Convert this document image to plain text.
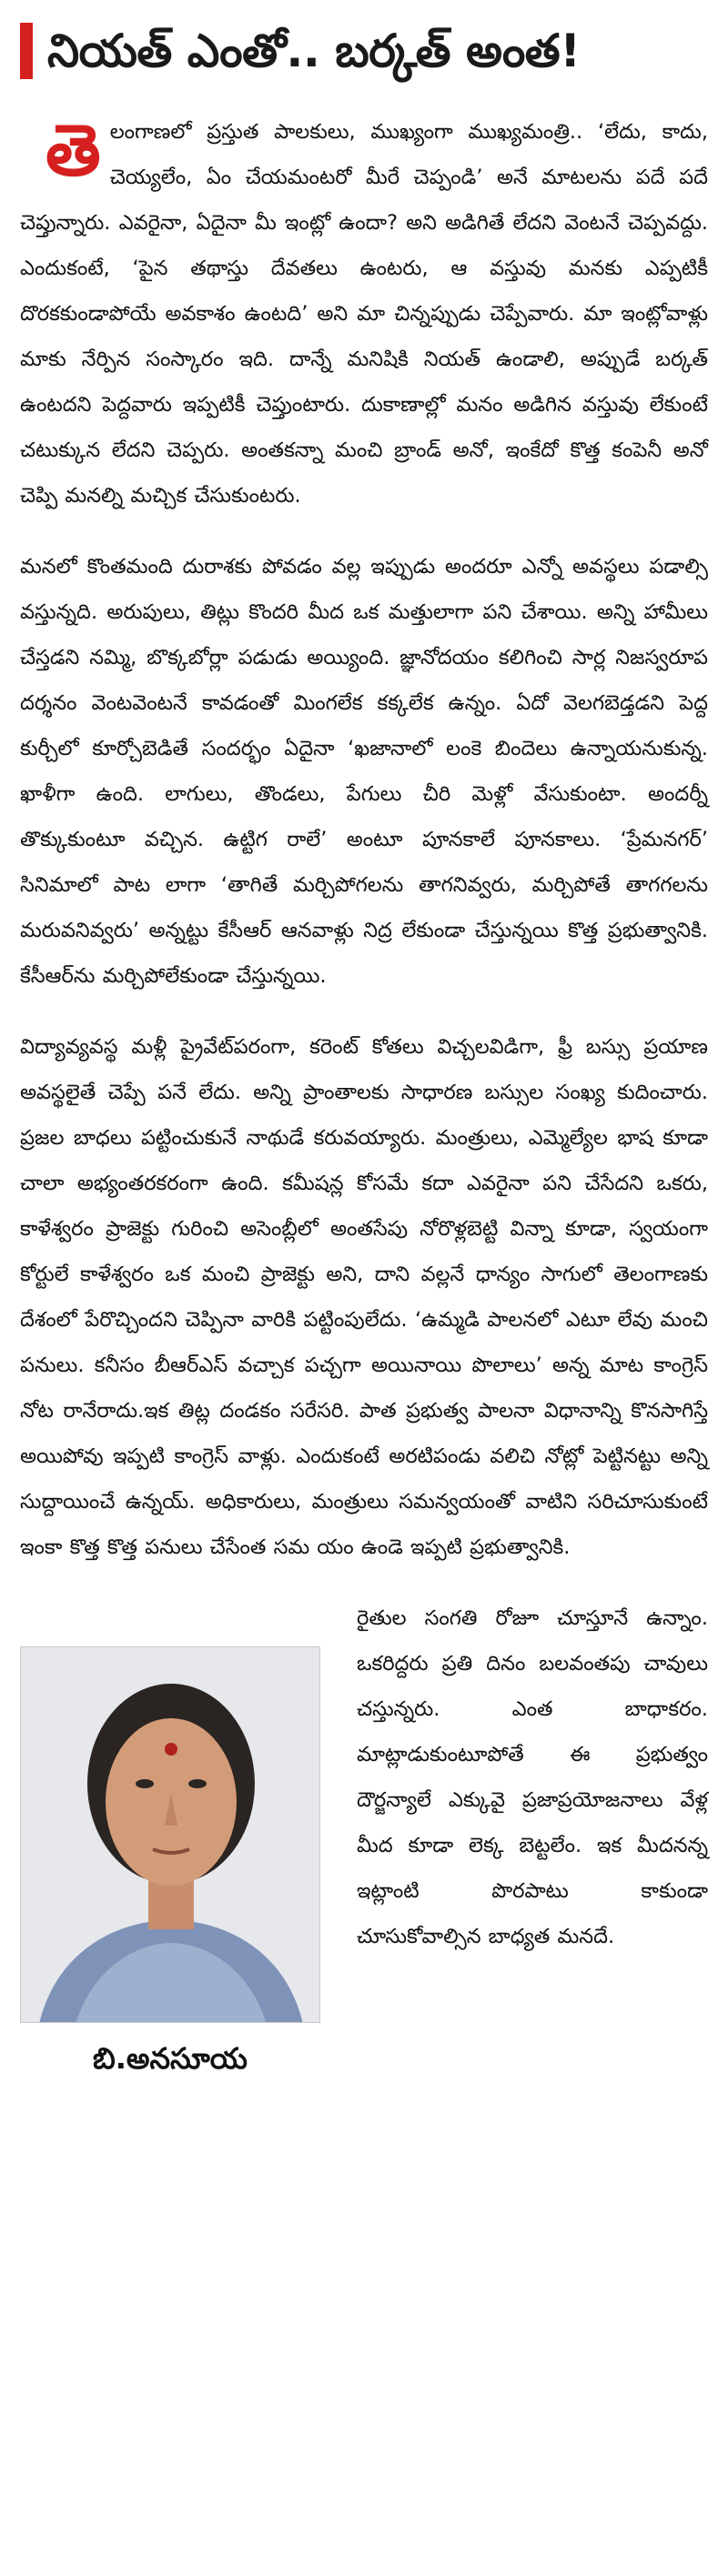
నియత్ ఎంతో.. బర్కత్ అంత!

తెలంగాణలో ప్రస్తుత పాలకులు, ముఖ్యంగా ముఖ్యమంత్రి.. ‘లేదు, కాదు, చెయ్యలేం, ఏం చేయమంటరో మీరే చెప్పండి’ అనే మాటలను పదే పదే చెప్తున్నారు. ఎవరైనా, ఏదైనా మీ ఇంట్లో ఉందా? అని అడిగితే లేదని వెంటనే చెప్పవద్దు. ఎందుకంటే, ‘పైన తథాస్తు దేవతలు ఉంటరు, ఆ వస్తువు మనకు ఎప్పటికీ దొరకకుండాపోయే అవకాశం ఉంటది’ అని మా చిన్నప్పుడు చెప్పేవారు. మా ఇంట్లోవాళ్లు మాకు నేర్పిన సంస్కారం ఇది. దాన్నే మనిషికి నియత్ ఉండాలి, అప్పుడే బర్కత్ ఉంటదని పెద్దవారు ఇప్పటికీ చెప్తుంటారు. దుకాణాల్లో మనం అడిగిన వస్తువు లేకుంటే చటుక్కున లేదని చెప్పరు. అంతకన్నా మంచి బ్రాండ్ అనో, ఇంకేదో కొత్త కంపెనీ అనో చెప్పి మనల్ని మచ్చిక చేసుకుంటరు.

మనలో కొంతమంది దురాశకు పోవడం వల్ల ఇప్పుడు అందరూ ఎన్నో అవస్థలు పడాల్సి వస్తున్నది. అరుపులు, తిట్లు కొందరి మీద ఒక మత్తులాగా పని చేశాయి. అన్ని హామీలు చేస్తడని నమ్మి, బొక్కబోర్లా పడుడు అయ్యింది. జ్ఞానోదయం కలిగించి సార్ల నిజస్వరూప దర్శనం వెంటవెంటనే కావడంతో మింగలేక కక్కలేక ఉన్నం. ఏదో వెలగబెడ్తడని పెద్ద కుర్చీలో కూర్చోబెడితే సందర్భం ఏదైనా ‘ఖజానాలో లంకె బిందెలు ఉన్నాయనుకున్న. ఖాళీగా ఉంది. లాగులు, తొండలు, పేగులు చీరి మెళ్లో వేసుకుంటా. అందర్నీ తొక్కుకుంటూ వచ్చిన. ఉట్టిగ రాలే’ అంటూ పూనకాలే పూనకాలు. ‘ప్రేమనగర్’ సినిమాలో పాట లాగా ‘తాగితే మర్చిపోగలను తాగనివ్వరు, మర్చిపోతే తాగగలను మరువనివ్వరు’ అన్నట్టు కేసీఆర్ ఆనవాళ్లు నిద్ర లేకుండా చేస్తున్నయి కొత్త ప్రభుత్వానికి. కేసీఆర్‌ను మర్చిపోలేకుండా చేస్తున్నయి.

విద్యావ్యవస్థ మళ్లీ ప్రైవేట్‌పరంగా, కరెంట్ కోతలు విచ్చలవిడిగా, ఫ్రీ బస్సు ప్రయాణ అవస్థలైతే చెప్పే పనే లేదు. అన్ని ప్రాంతాలకు సాధారణ బస్సుల సంఖ్య కుదించారు. ప్రజల బాధలు పట్టించుకునే నాథుడే కరువయ్యారు. మంత్రులు, ఎమ్మెల్యేల భాష కూడా చాలా అభ్యంతరకరంగా ఉంది. కమీషన్ల కోసమే కదా ఎవరైనా పని చేసేదని ఒకరు, కాళేశ్వరం ప్రాజెక్టు గురించి అసెంబ్లీలో అంతసేపు నోరొళ్లబెట్టి విన్నా కూడా, స్వయంగా కోర్టులే కాళేశ్వరం ఒక మంచి ప్రాజెక్టు అని, దాని వల్లనే ధాన్యం సాగులో తెలంగాణకు దేశంలో పేరొచ్చిందని చెప్పినా వారికి పట్టింపులేదు. ‘ఉమ్మడి పాలనలో ఎటూ లేవు మంచి పనులు. కనీసం బీఆర్ఎస్ వచ్చాక పచ్చగా అయినాయి పొలాలు’ అన్న మాట కాంగ్రెస్ నోట రానేరాదు.ఇక తిట్ల దండకం సరేసరి. పాత ప్రభుత్వ పాలనా విధానాన్ని కొనసాగిస్తే అయిపోవు ఇప్పటి కాంగ్రెస్ వాళ్లు. ఎందుకంటే అరటిపండు వలిచి నోట్లో పెట్టినట్టు అన్ని సుద్దాయించే ఉన్నయ్. అధికారులు, మంత్రులు సమన్వయంతో వాటిని సరిచూసుకుంటే ఇంకా కొత్త కొత్త పనులు చేసేంత సమ యం ఉండె ఇప్పటి ప్రభుత్వానికి.

బి.అనసూయ

రైతుల సంగతి రోజూ చూస్తూనే ఉన్నాం. ఒకరిద్దరు ప్రతి దినం బలవంతపు చావులు చస్తున్నరు. ఎంత బాధాకరం. మాట్లాడుకుంటూపోతే ఈ ప్రభుత్వం దౌర్జన్యాలే ఎక్కువై ప్రజాప్రయోజనాలు వేళ్ల మీద కూడా లెక్క బెట్టలేం. ఇక మీదనన్న ఇట్లాంటి పొరపాటు కాకుండా చూసుకోవాల్సిన బాధ్యత మనదే.
